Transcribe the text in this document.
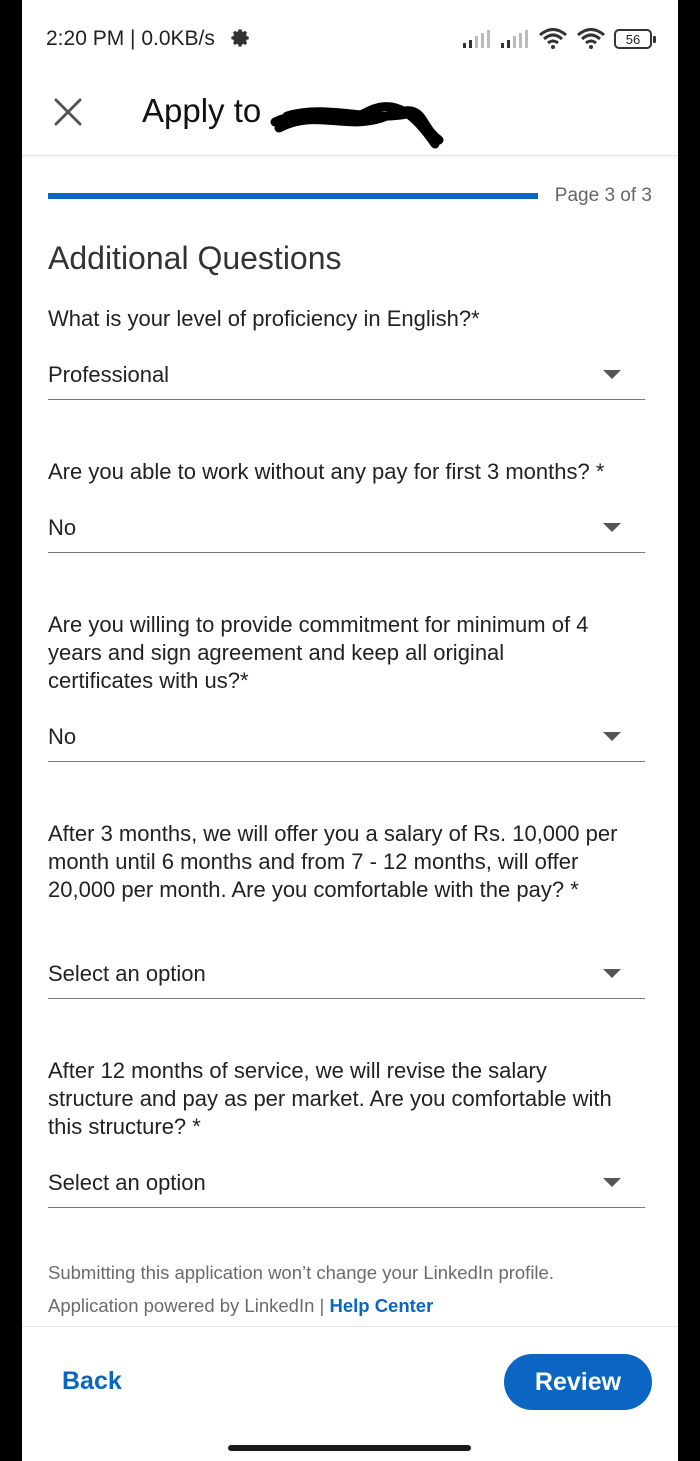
2:20 PM | 0.0KB/s	56
Apply to
Page 3 of 3
Additional Questions
What is your level of proficiency in English?*
Professional
Are you able to work without any pay for first 3 months? *
No
Are you willing to provide commitment for minimum of 4 years and sign agreement and keep all original certificates with us?*
No
After 3 months, we will offer you a salary of Rs. 10,000 per month until 6 months and from 7 - 12 months, will offer 20,000 per month. Are you comfortable with the pay? *
Select an option
After 12 months of service, we will revise the salary structure and pay as per market. Are you comfortable with this structure? *
Select an option
Submitting this application won’t change your LinkedIn profile.
Application powered by LinkedIn | Help Center
Back	Review
